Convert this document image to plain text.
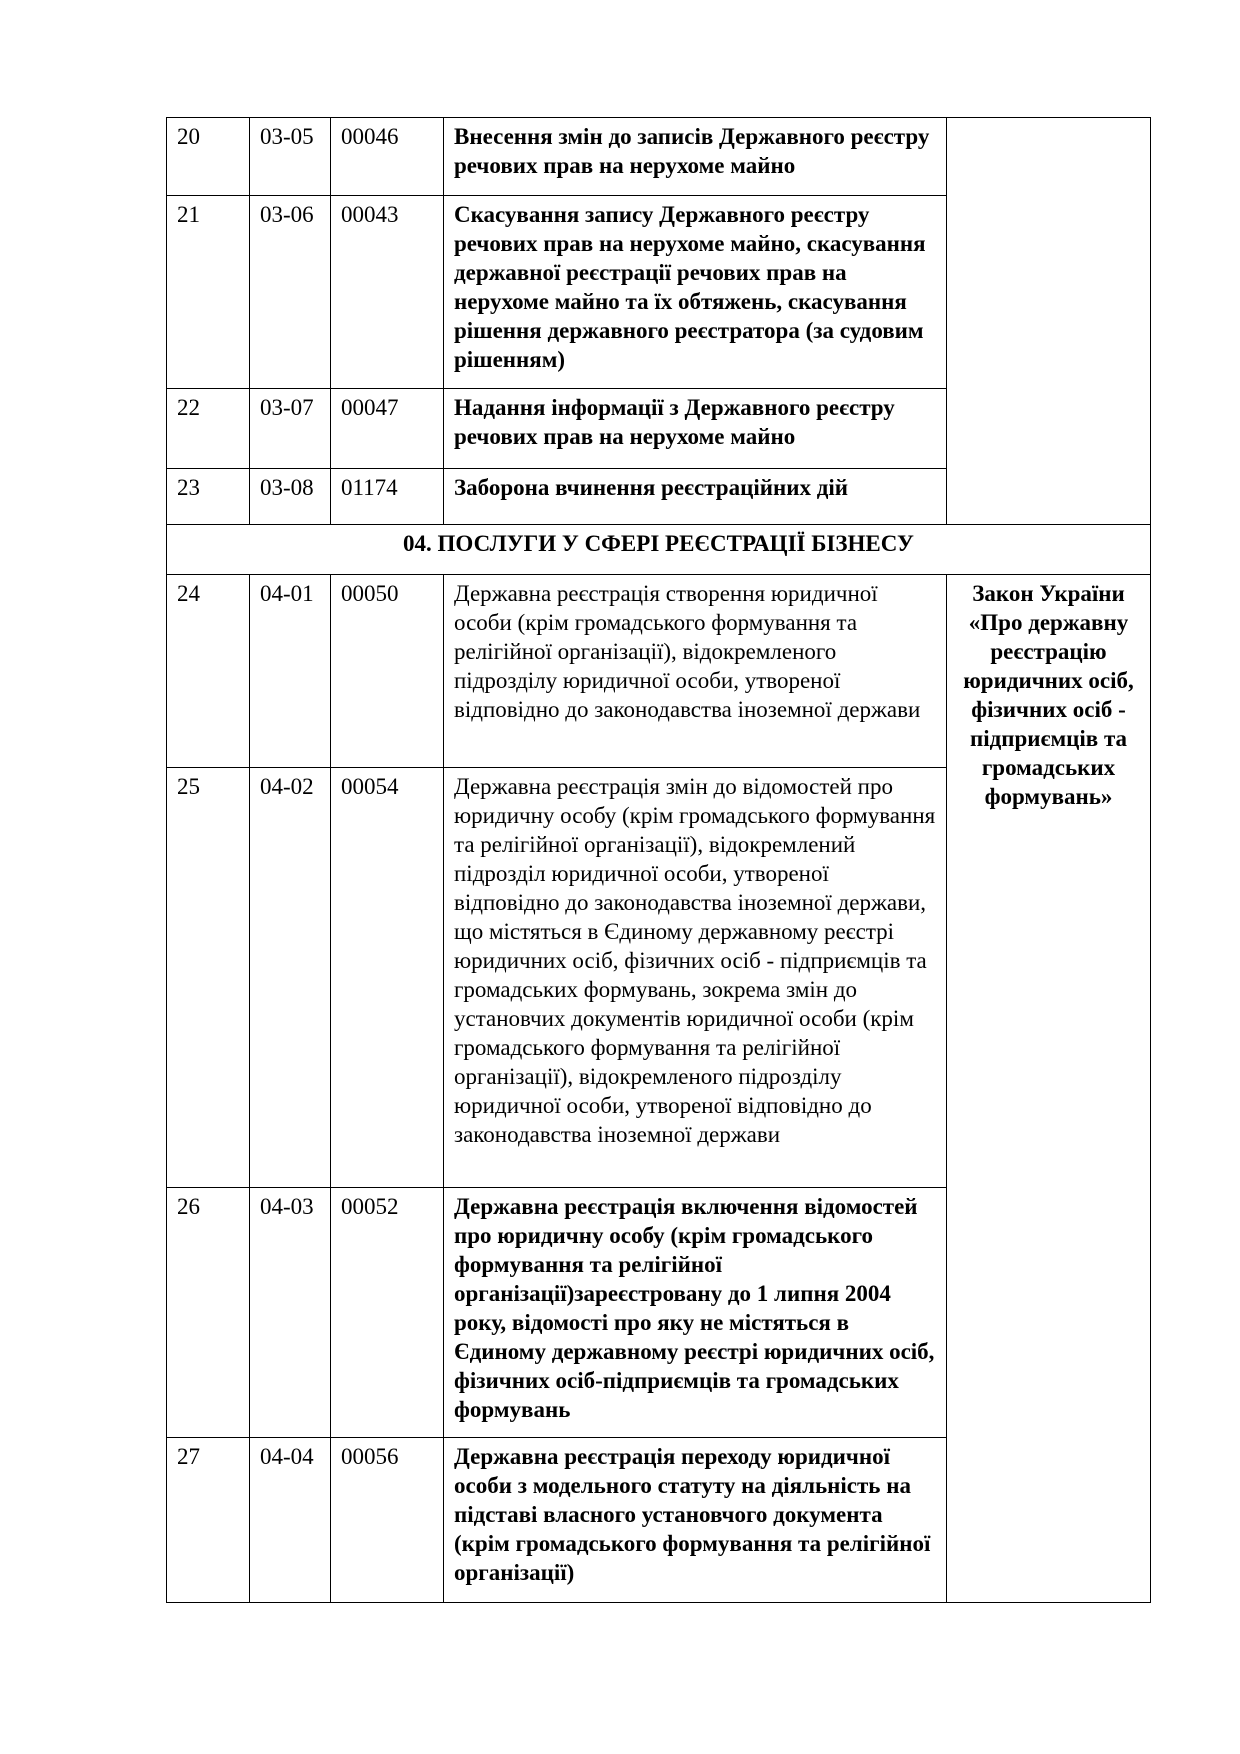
20	03-05	00046	Внесення змін до записів Державного реєстру речових прав на нерухоме майно	
21	03-06	00043	Скасування запису Державного реєстру речових прав на нерухоме майно, скасування державної реєстрації речових прав на нерухоме майно та їх обтяжень, скасування рішення державного реєстратора (за судовим рішенням)	
22	03-07	00047	Надання інформації з Державного реєстру речових прав на нерухоме майно	
23	03-08	01174	Заборона вчинення реєстраційних дій	
04. ПОСЛУГИ У СФЕРІ РЕЄСТРАЦІЇ БІЗНЕСУ				
24	04-01	00050	Державна реєстрація створення юридичної особи (крім громадського формування та релігійної організації), відокремленого підрозділу юридичної особи, утвореної відповідно до законодавства іноземної держави	Закон України «Про державну реєстрацію юридичних осіб, фізичних осіб - підприємців та громадських формувань»
25	04-02	00054	Державна реєстрація змін до відомостей про юридичну особу (крім громадського формування та релігійної організації), відокремлений підрозділ юридичної особи, утвореної відповідно до законодавства іноземної держави, що містяться в Єдиному державному реєстрі юридичних осіб, фізичних осіб - підприємців та громадських формувань, зокрема змін до установчих документів юридичної особи (крім громадського формування та релігійної організації), відокремленого підрозділу юридичної особи, утвореної відповідно до законодавства іноземної держави	
26	04-03	00052	Державна реєстрація включення відомостей про юридичну особу (крім громадського формування та релігійної організації)зареєстровану до 1 липня 2004 року, відомості про яку не містяться в Єдиному державному реєстрі юридичних осіб, фізичних осіб-підприємців та громадських формувань	
27	04-04	00056	Державна реєстрація переходу юридичної особи з модельного статуту на діяльність на підставі власного установчого документа (крім громадського формування та релігійної організації)	
